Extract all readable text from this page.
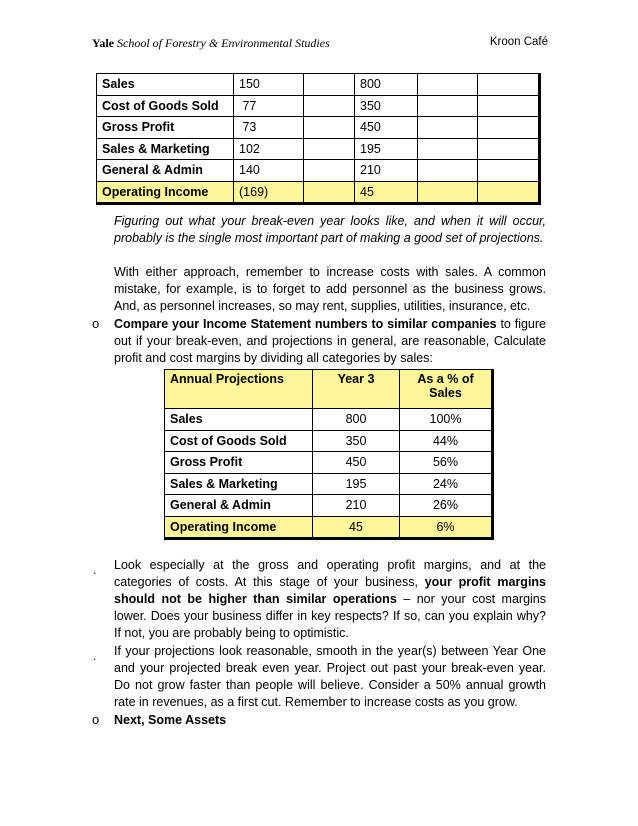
Yale School of Forestry & Environmental Studies	Kroon Café
Sales	150		800		
Cost of Goods Sold	77		350		
Gross Profit	73		450		
Sales & Marketing	102		195		
General & Admin	140		210		
Operating Income	(169)		45		
Figuring out what your break-even year looks like, and when it will occur, probably is the single most important part of making a good set of projections.
With either approach, remember to increase costs with sales. A common mistake, for example, is to forget to add personnel as the business grows. And, as personnel increases, so may rent, supplies, utilities, insurance, etc.
o Compare your Income Statement numbers to similar companies to figure out if your break-even, and projections in general, are reasonable, Calculate profit and cost margins by dividing all categories by sales:
Annual Projections	Year 3	As a % of Sales
Sales	800	100%
Cost of Goods Sold	350	44%
Gross Profit	450	56%
Sales & Marketing	195	24%
General & Admin	210	26%
Operating Income	45	6%
. Look especially at the gross and operating profit margins, and at the categories of costs. At this stage of your business, your profit margins should not be higher than similar operations – nor your cost margins lower. Does your business differ in key respects? If so, can you explain why? If not, you are probably being to optimistic.
. If your projections look reasonable, smooth in the year(s) between Year One and your projected break even year. Project out past your break-even year. Do not grow faster than people will believe. Consider a 50% annual growth rate in revenues, as a first cut. Remember to increase costs as you grow.
o Next, Some Assets
